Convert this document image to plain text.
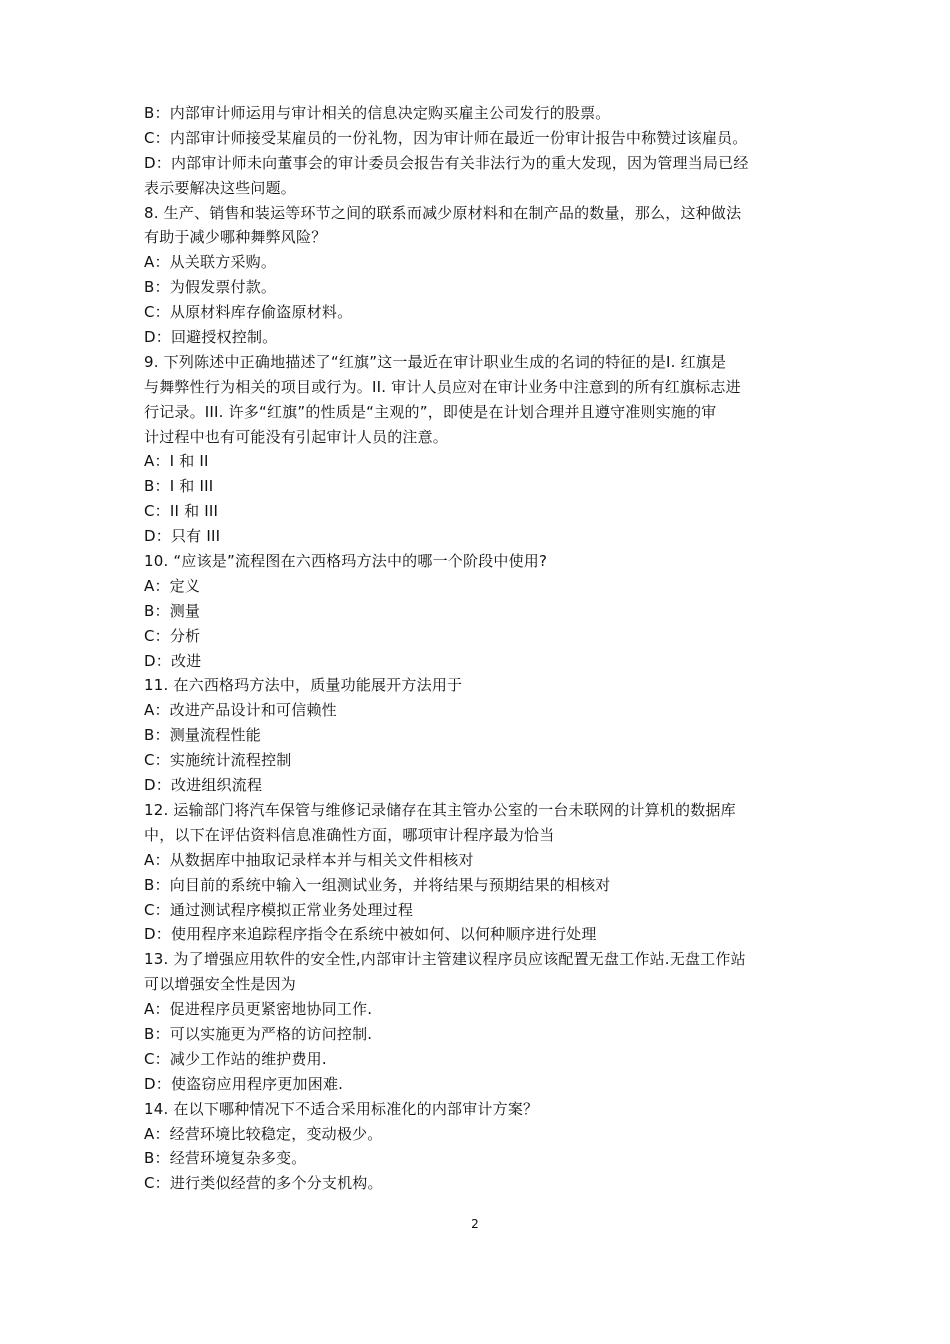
B：内部审计师运用与审计相关的信息决定购买雇主公司发行的股票。
C：内部审计师接受某雇员的一份礼物，因为审计师在最近一份审计报告中称赞过该雇员。
D：内部审计师未向董事会的审计委员会报告有关非法行为的重大发现，因为管理当局已经
表示要解决这些问题。
8. 生产、销售和装运等环节之间的联系而减少原材料和在制产品的数量，那么，这种做法
有助于减少哪种舞弊风险？
A：从关联方采购。
B：为假发票付款。
C：从原材料库存偷盗原材料。
D：回避授权控制。
9. 下列陈述中正确地描述了“红旗”这一最近在审计职业生成的名词的特征的是I. 红旗是
与舞弊性行为相关的项目或行为。II. 审计人员应对在审计业务中注意到的所有红旗标志进
行记录。III. 许多“红旗”的性质是“主观的”，即使是在计划合理并且遵守准则实施的审
计过程中也有可能没有引起审计人员的注意。
A：I 和 II
B：I 和 III
C：II 和 III
D：只有 III
10. “应该是”流程图在六西格玛方法中的哪一个阶段中使用?
A：定义
B：测量
C：分析
D：改进
11. 在六西格玛方法中，质量功能展开方法用于
A：改进产品设计和可信赖性
B：测量流程性能
C：实施统计流程控制
D：改进组织流程
12. 运输部门将汽车保管与维修记录储存在其主管办公室的一台未联网的计算机的数据库
中，以下在评估资料信息准确性方面，哪项审计程序最为恰当
A：从数据库中抽取记录样本并与相关文件相核对
B：向目前的系统中输入一组测试业务，并将结果与预期结果的相核对
C：通过测试程序模拟正常业务处理过程
D：使用程序来追踪程序指令在系统中被如何、以何种顺序进行处理
13. 为了增强应用软件的安全性,内部审计主管建议程序员应该配置无盘工作站.无盘工作站
可以增强安全性是因为
A：促进程序员更紧密地协同工作.
B：可以实施更为严格的访问控制.
C：减少工作站的维护费用.
D：使盗窃应用程序更加困难.
14. 在以下哪种情况下不适合采用标准化的内部审计方案？
A：经营环境比较稳定，变动极少。
B：经营环境复杂多变。
C：进行类似经营的多个分支机构。
2
